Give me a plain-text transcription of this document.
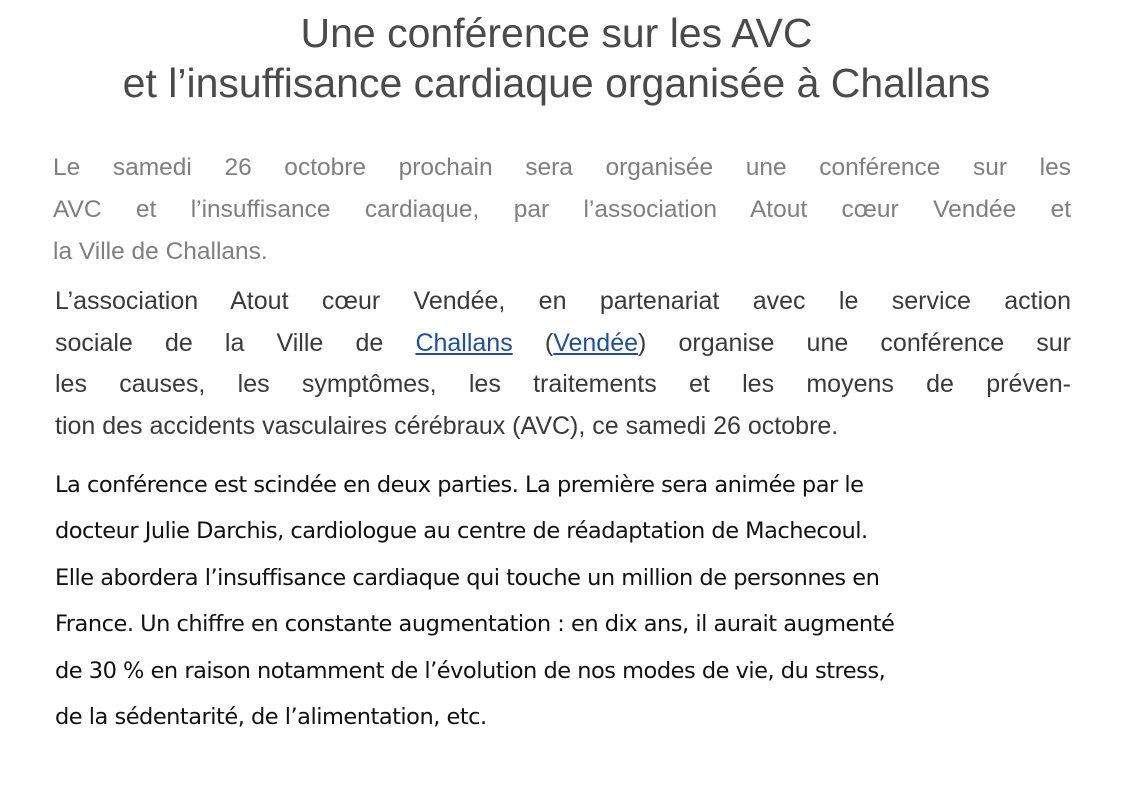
Une conférence sur les AVC
et l’insuffisance cardiaque organisée à Challans

Le samedi 26 octobre prochain sera organisée une conférence sur les
AVC et l’insuffisance cardiaque, par l’association Atout cœur Vendée et
la Ville de Challans.

L’association Atout cœur Vendée, en partenariat avec le service action
sociale de la Ville de Challans (Vendée) organise une conférence sur
les causes, les symptômes, les traitements et les moyens de préven-
tion des accidents vasculaires cérébraux (AVC), ce samedi 26 octobre.

La conférence est scindée en deux parties. La première sera animée par le
docteur Julie Darchis, cardiologue au centre de réadaptation de Machecoul.
Elle abordera l’insuffisance cardiaque qui touche un million de personnes en
France. Un chiffre en constante augmentation : en dix ans, il aurait augmenté
de 30 % en raison notamment de l’évolution de nos modes de vie, du stress,
de la sédentarité, de l’alimentation, etc.
